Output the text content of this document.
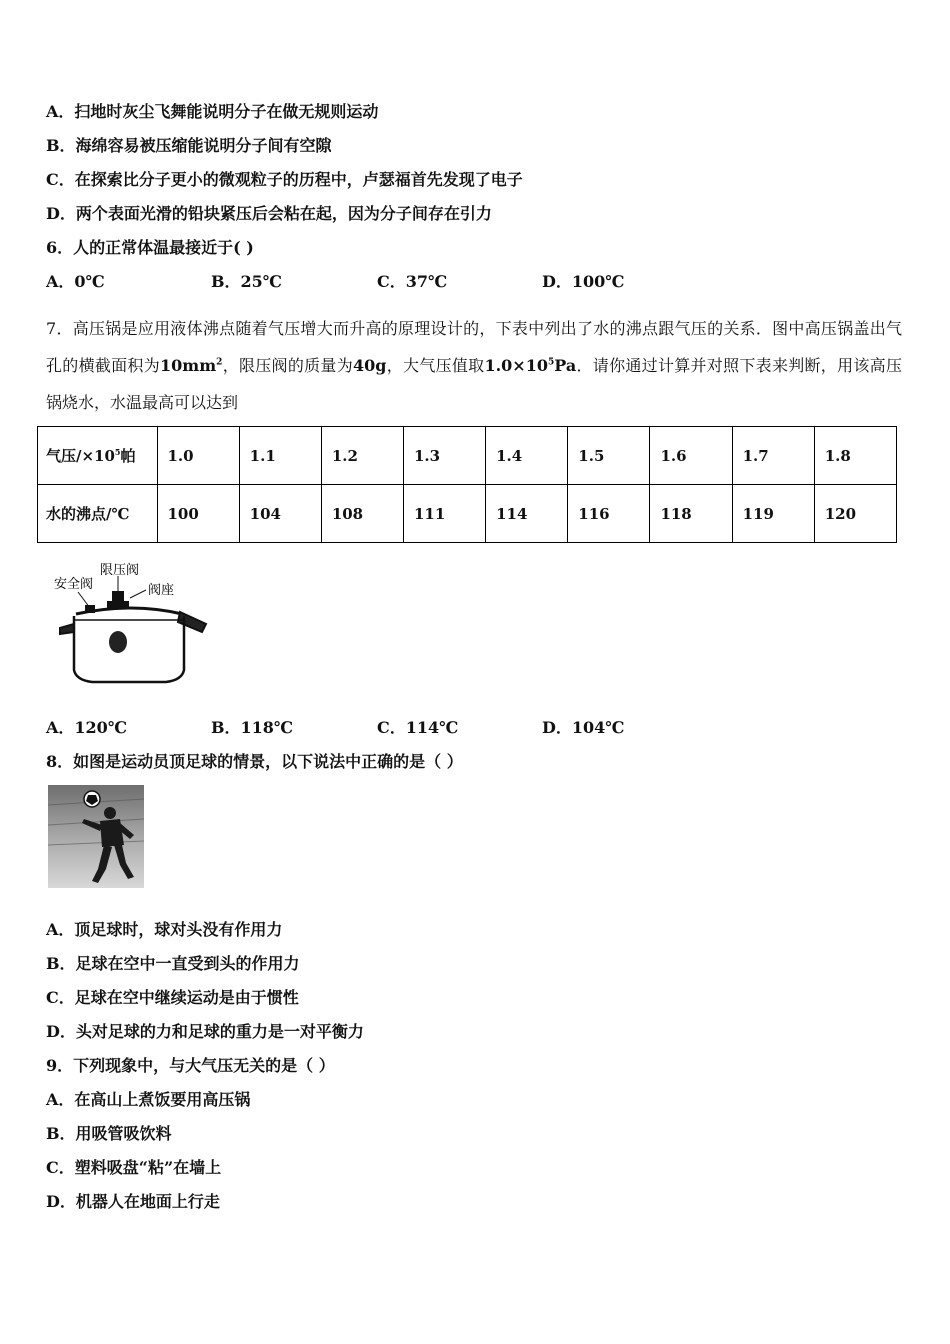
A．扫地时灰尘飞舞能说明分子在做无规则运动
B．海绵容易被压缩能说明分子间有空隙
C．在探索比分子更小的微观粒子的历程中，卢瑟福首先发现了电子
D．两个表面光滑的铅块紧压后会粘在起，因为分子间存在引力
6．人的正常体温最接近于( )
A．0℃	B．25℃	C．37℃	D．100℃
7．高压锅是应用液体沸点随着气压增大而升高的原理设计的，下表中列出了水的沸点跟气压的关系．图中高压锅盖出气孔的横截面积为$10mm^2$，限压阀的质量为40g，大气压值取$1.0\times 10^5Pa$．请你通过计算并对照下表来判断，用该高压锅烧水，水温最高可以达到
气压$/\times 10^5$帕	1.0	1.1	1.2	1.3	1.4	1.5	1.6	1.7	1.8
水的沸点/℃	100	104	108	111	114	116	118	119	120
安全阀
限压阀
阀座
A．120℃	B．118℃	C．114℃	D．104℃
8．如图是运动员顶足球的情景，以下说法中正确的是（ ）
A．顶足球时，球对头没有作用力
B．足球在空中一直受到头的作用力
C．足球在空中继续运动是由于惯性
D．头对足球的力和足球的重力是一对平衡力
9．下列现象中，与大气压无关的是（ ）
A．在高山上煮饭要用高压锅
B．用吸管吸饮料
C．塑料吸盘“粘”在墙上
D．机器人在地面上行走
